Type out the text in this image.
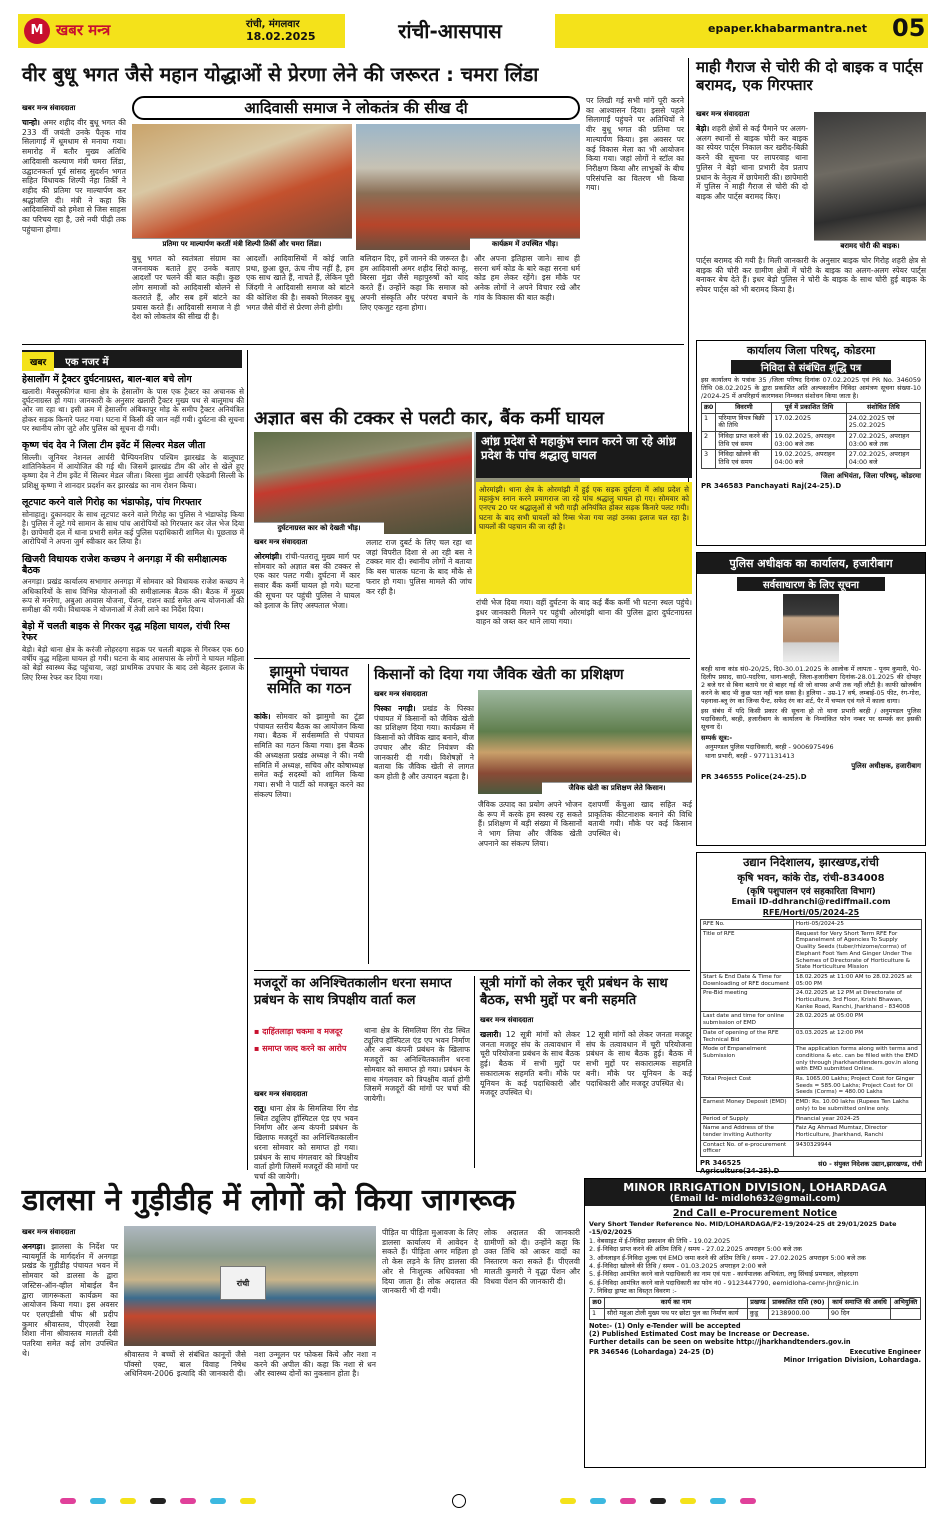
M खबर मन्त्र	रांची, मंगलवार
18.02.2025	रांची-आसपास	epaper.khabarmantra.net 05
वीर बुधू भगत जैसे महान योद्धाओं से प्रेरणा लेने की जरूरत : चमरा लिंडा
खबर मन्त्र संवाददाता
चान्हो। अमर शहीद वीर बुधू भगत की 233 वीं जयंती उनके पैतृक गांव सिलागाईं में धूमधाम से मनाया गया। समारोह में बतौर मुख्य अतिथि आदिवासी कल्याण मंत्री चमरा लिंडा, उद्घाटनकर्ता पूर्व सांसद सुदर्शन भगत सहित विधायक शिल्पी नेहा तिर्की ने शहीद की प्रतिमा पर माल्यार्पण कर श्रद्धांजलि दी। मंत्री ने कहा कि आदिवासियों को हमेशा से जिस साहस का परिचय रहा है, उसे नयी पीढ़ी तक पहुंचाना होगा।
आदिवासी समाज ने लोकतंत्र की सीख दी
प्रतिमा पर माल्यार्पण करतीं मंत्री शिल्पी तिर्की और चमरा लिंडा।	कार्यक्रम में उपस्थित भीड़।
बुधू भगत को स्वतंत्रता संग्राम का जननायक बताते हुए उनके बताए आदर्शों पर चलने की बात कही। कुछ लोग समाजों को आदिवासी बोलने से कतराते हैं, और सब हमें बांटने का प्रयास करते हैं। आदिवासी समाज ने ही देश को लोकतंत्र की सीख दी है।
आदर्शों। आदिवासियों में कोई जाति प्रथा, छुआ छूत, ऊंच नीच नहीं है, हम एक साथ खाते हैं, नाचते हैं, लेकिन पूरी जिंदगी ने आदिवासी समाज को बांटने की कोशिश की है। सबको मिलकर बुधू भगत जैसे वीरों से प्रेरणा लेनी होगी।
बलिदान दिए, हमें जानने की जरूरत है। हम आदिवासी अमर शहीद सिदो कान्हू, बिरसा मुंडा जैसे महापुरुषों को याद करते हैं। उन्होंने कहा कि समाज को अपनी संस्कृति और परंपरा बचाने के लिए एकजुट रहना होगा।
और अपना इतिहास जाने। साथ ही सरना धर्म कोड के बारे कहा सरना धर्म कोड हम लेकर रहेंगे। इस मौके पर अनेक लोगों ने अपने विचार रखे और गांव के विकास की बात कही।
पर लिखी गई सभी मांगें पूरी करने का आश्वासन दिया। इससे पहले सिलागाईं पहुंचने पर अतिथियों ने वीर बुधू भगत की प्रतिमा पर माल्यार्पण किया। इस अवसर पर कई विकास मेला का भी आयोजन किया गया। जहां लोगों ने स्टॉल का निरीक्षण किया और लाभुकों के बीच परिसंपत्ति का वितरण भी किया गया।
माही गैराज से चोरी की दो बाइक व पार्ट्स बरामद, एक गिरफ्तार
खबर मन्त्र संवाददाता
बेड़ो। शहरी क्षेत्रों से कई पैमाने पर अलग-अलग स्थानों से बाइक चोरी कर बाइक का स्पेयर पार्ट्स निकाल कर खरीद-बिक्री करने की सूचना पर लापरवाह थाना पुलिस ने बेड़ो थाना प्रभारी देव प्रताप प्रधान के नेतृत्व में छापेमारी की। छापेमारी में पुलिस ने माही गैराज से चोरी की दो बाइक और पार्ट्स बरामद किए।
बरामद चोरी की बाइक।
पार्ट्स बरामद की गयी है। मिली जानकारी के अनुसार बाइक चोर गिरोह शहरी क्षेत्र से बाइक की चोरी कर ग्रामीण क्षेत्रों में चोरी के बाइक का अलग-अलग स्पेयर पार्ट्स बनाकर बेच देते हैं। इधर बेड़ो पुलिस ने चोरी के बाइक के साथ चोरी हुई बाइक के स्पेयर पार्ट्स को भी बरामद किया है।
कार्यालय जिला परिषद्, कोडरमा
निविदा से संबंधित शुद्धि पत्र
इस कार्यालय के पत्रांक 35 /जिला परिषद दिनांक 07.02.2025 एवं PR No. 346059 तिथि 08.02.2025 के द्वारा प्रकाशित अति अल्पकालीन निविदा आमंत्रण सूचना संख्या-10 /2024-25 में अपरिहार्य कारणवश निम्नवत संशोधन किया जाता है।
क्र0	विवरणी	पूर्व में प्रकाशित तिथि	संशोधित तिथि
1	परिमाण विपत्र बिक्री की तिथि	17.02.2025	24.02.2025 एवं 25.02.2025
2	निविदा प्राप्त करने की तिथि एवं समय	19.02.2025, अपराहन 03:00 बजे तक	27.02.2025, अपराहन 03:00 बजे तक
3	निविदा खोलने की तिथि एवं समय	19.02.2025, अपराहन 04:00 बजे	27.02.2025, अपराहन 04:00 बजे
जिला अभियंता, जिला परिषद्, कोडरमा
PR 346583 Panchayati Raj(24-25).D
पुलिस अधीक्षक का कार्यालय, हजारीबाग
सर्वसाधारण के लिए सूचना
बरही थाना कांड सं0-20/25, दि0-30.01.2025 के आलोक में लापता - पूनम कुमारी, पे0-दिलीप प्रसाद, सा0-पदरिया, थाना-बरही, जिला-हजारीबाग दिनांक-28.01.2025 की दोपहर 2 बजे घर से बिना बताये घर से बाहर गई थी जो वापस अभी तक नहीं लौटी है। काफी खोजबीन करने के बाद भी कुछ पता नहीं चल सका है। हुलिया - उम्र-17 वर्ष, लम्बाई-05 फीट, रंग-गोरा, पहनावा-ब्लू रंग का जिन्स पैन्ट, सफेद रंग का शर्ट, पैर में चप्पल एवं गले में काला धागा।
इस संबंध में यदि किसी प्रकार की सूचना हो तो थाना प्रभारी बरही / अनुमण्डल पुलिस पदाधिकारी, बरही, हजारीबाग के कार्यालय के निम्नांकित फोन नम्बर पर सम्पर्क कर इसकी सूचना दें।
सम्पर्क सूत्र:-
अनुमण्डल पुलिस पदाधिकारी, बरही - 9006975496
थाना प्रभारी, बरही - 9771131413
पुलिस अधीक्षक, हजारीबाग
PR 346555 Police(24-25).D
खबर एक नजर में
हेसालोंग में ट्रैक्टर दुर्घटनाग्रस्त, बाल-बाल बचे लोग
खलारी। मैक्लुस्कीगंज थाना क्षेत्र के हेसालोंग के पास एक ट्रैक्टर का अचानक से दुर्घटनाग्रस्त हो गया। जानकारी के अनुसार खलारी ट्रैक्टर मुख्य पथ से बालूमाथ की ओर जा रहा था। इसी क्रम में हेसालोंग अंबिकापुर मोड़ के समीप ट्रैक्टर अनियंत्रित होकर सड़क किनारे पलट गया। घटना में किसी की जान नहीं गयी। दुर्घटना की सूचना पर स्थानीय लोग जुटे और पुलिस को सूचना दी गयी।
कृष्ण चंद देव ने जिला टीम इवेंट में सिल्वर मेडल जीता
सिल्ली। जूनियर नेशनल आर्चरी चैम्पियनशिप पश्चिम झारखंड के बालूघाट शांतिनिकेतन में आयोजित की गई थी। जिसमें झारखंड टीम की ओर से खेले हुए कृष्णा देव ने टीम इवेंट में सिल्वर मेडल जीता। बिरसा मुंडा आर्चरी एकेडमी सिल्ली के प्रशिक्षु कृष्णा ने शानदार प्रदर्शन कर झारखंड का नाम रोशन किया।
लूटपाट करने वाले गिरोह का भंडाफोड़, पांच गिरफ्तार
सोनाहातु। दुकानदार के साथ लूटपाट करने वाले गिरोह का पुलिस ने भंडाफोड़ किया है। पुलिस ने लूटे गये सामान के साथ पांच आरोपियों को गिरफ्तार कर जेल भेज दिया है। छापेमारी दल में थाना प्रभारी समेत कई पुलिस पदाधिकारी शामिल थे। पूछताछ में आरोपियों ने अपना जुर्म स्वीकार कर लिया है।
खिजरी विधायक राजेश कच्छप ने अनगड़ा में की समीक्षात्मक बैठक
अनगड़ा। प्रखंड कार्यालय सभागार अनगड़ा में सोमवार को विधायक राजेश कच्छप ने अधिकारियों के साथ विभिन्न योजनाओं की समीक्षात्मक बैठक की। बैठक में मुख्य रूप से मनरेगा, अबुआ आवास योजना, पेंशन, राशन कार्ड समेत अन्य योजनाओं की समीक्षा की गयी। विधायक ने योजनाओं में तेजी लाने का निर्देश दिया।
बेड़ो में चलती बाइक से गिरकर वृद्ध महिला घायल, रांची रिम्स रेफर
बेड़ो। बेड़ो थाना क्षेत्र के करंजी लोहरदगा सड़क पर चलती बाइक से गिरकर एक 60 वर्षीय वृद्ध महिला घायल हो गयी। घटना के बाद आसपास के लोगों ने घायल महिला को बेड़ो स्वास्थ्य केंद्र पहुंचाया, जहां प्राथमिक उपचार के बाद उसे बेहतर इलाज के लिए रिम्स रेफर कर दिया गया।
अज्ञात बस की टक्कर से पलटी कार, बैंक कर्मी घायल
दुर्घटनाग्रस्त कार को देखती भीड़।
आंध्र प्रदेश से महाकुंभ स्नान करने जा रहे आंध्र प्रदेश के पांच श्रद्धालु घायल
ओरमांझी। थाना क्षेत्र के ओरमांझी में हुई एक सड़क दुर्घटना में आंध्र प्रदेश से महाकुंभ स्नान करने प्रयागराज जा रहे पांच श्रद्धालु घायल हो गए। सोमवार को एनएच 20 पर श्रद्धालुओं से भरी गाड़ी अनियंत्रित होकर सड़क किनारे पलट गयी। घटना के बाद सभी घायलों को रिम्स भेजा गया जहां उनका इलाज चल रहा है। घायलों की पहचान की जा रही है।
खबर मन्त्र संवाददाता
ओरमांझी। रांची-पतरातू मुख्य मार्ग पर सोमवार को अज्ञात बस की टक्कर से एक कार पलट गयी। दुर्घटना में कार सवार बैंक कर्मी घायल हो गये। घटना की सूचना पर पहुंची पुलिस ने घायल को इलाज के लिए अस्पताल भेजा।
ललाट राज दुबर्ट के लिए चल रहा था जहां विपरीत दिशा से आ रही बस ने टक्कर मार दी। स्थानीय लोगों ने बताया कि बस चालक घटना के बाद मौके से फरार हो गया। पुलिस मामले की जांच कर रही है।
रांची भेज दिया गया। वहीं दुर्घटना के बाद कई बैंक कर्मी भी घटना स्थल पहुंचे। इधर जानकारी मिलने पर पहुंची ओरमांझी थाना की पुलिस द्वारा दुर्घटनाग्रस्त वाहन को जब्त कर थाने लाया गया।
झामुमो पंचायत समिति का गठन
कांके। सोमवार को झामुमो का टूंडा पंचायत स्तरीय बैठक का आयोजन किया गया। बैठक में सर्वसम्मति से पंचायत समिति का गठन किया गया। इस बैठक की अध्यक्षता प्रखंड अध्यक्ष ने की। नयी समिति में अध्यक्ष, सचिव और कोषाध्यक्ष समेत कई सदस्यों को शामिल किया गया। सभी ने पार्टी को मजबूत करने का संकल्प लिया।
किसानों को दिया गया जैविक खेती का प्रशिक्षण
खबर मन्त्र संवाददाता
पिस्का नगड़ी। प्रखंड के पिस्का पंचायत में किसानों को जैविक खेती का प्रशिक्षण दिया गया। कार्यक्रम में किसानों को जैविक खाद बनाने, बीज उपचार और कीट नियंत्रण की जानकारी दी गयी। विशेषज्ञों ने बताया कि जैविक खेती से लागत कम होती है और उत्पादन बढ़ता है।
जैविक खेती का प्रशिक्षण लेते किसान।
जैविक उत्पाद का प्रयोग अपने भोजन के रूप में करके हम स्वस्थ रह सकते हैं। प्रशिक्षण में बड़ी संख्या में किसानों ने भाग लिया और जैविक खेती अपनाने का संकल्प लिया।
दशपर्णी केंचुआ खाद सहित कई प्राकृतिक कीटनाशक बनाने की विधि बतायी गयी। मौके पर कई किसान उपस्थित थे।
मजदूरों का अनिश्चितकालीन धरना समाप्त प्रबंधन के साथ त्रिपक्षीय वार्ता कल
▪ दाहिंतलाड़ा चकमा व मजदूर
▪ समाप्त जल्द करने का आरोप
खबर मन्त्र संवाददाता
रातू। थाना क्षेत्र के सिमलिया रिंग रोड स्थित ट्यूलिप हॉस्पिटल एंड एप भवन निर्माण और अन्य कंपनी प्रबंधन के खिलाफ मजदूरों का अनिश्चितकालीन धरना सोमवार को समाप्त हो गया। प्रबंधन के साथ मंगलवार को त्रिपक्षीय वार्ता होगी जिसमें मजदूरों की मांगों पर चर्चा की जायेगी।
थाना क्षेत्र के सिमलिया रिंग रोड स्थित ट्यूलिप हॉस्पिटल एंड एप भवन निर्माण और अन्य कंपनी प्रबंधन के खिलाफ मजदूरों का अनिश्चितकालीन धरना सोमवार को समाप्त हो गया। प्रबंधन के साथ मंगलवार को त्रिपक्षीय वार्ता होगी जिसमें मजदूरों की मांगों पर चर्चा की जायेगी।
सूत्री मांगों को लेकर चूरी प्रबंधन के साथ बैठक, सभी मुद्दों पर बनी सहमति
खबर मन्त्र संवाददाता
खलारी। 12 सूत्री मांगों को लेकर जनता मजदूर संघ के तत्वावधान में चूरी परियोजना प्रबंधन के साथ बैठक हुई। बैठक में सभी मुद्दों पर सकारात्मक सहमति बनी। मौके पर यूनियन के कई पदाधिकारी और मजदूर उपस्थित थे।
12 सूत्री मांगों को लेकर जनता मजदूर संघ के तत्वावधान में चूरी परियोजना प्रबंधन के साथ बैठक हुई। बैठक में सभी मुद्दों पर सकारात्मक सहमति बनी। मौके पर यूनियन के कई पदाधिकारी और मजदूर उपस्थित थे।
उद्यान निदेशालय, झारखण्ड,रांची
कृषि भवन, कांके रोड, रांची-834008
(कृषि पशुपालन एवं सहकारिता विभाग)
Email ID-ddhranchi@rediffmail.com
RFE/Horti/05/2024-25
RFE No.	Horti-05/2024-25
Title of RFE	Request for Very Short Term RFE For Empanelment of Agencies To Supply Quality Seeds (tuber/rhizome/corms) of Elephant Foot Yam And Ginger Under The Schemes of Directorate of Horticulture & State Horticulture Mission
Start & End Date & Time for Downloading of RFE document	18.02.2025 at 11:00 AM to 28.02.2025 at 05:00 PM
Pre-Bid meeting	24.02.2025 at 12 PM at Directorate of Horticulture, 3rd Floor, Krishi Bhawan, Kanke Road, Ranchi, Jharkhand - 834008
Last date and time for online submission of EMD	28.02.2025 at 05:00 PM
Date of opening of the RFE Technical Bid	03.03.2025 at 12:00 PM
Mode of Empanelment Submission	The application forms along with terms and conditions & etc. can be filled with the EMD only through jharkhandtenders.gov.in along with EMD submitted Online.
Total Project Cost	Rs. 1065.00 Lakhs; Project Cost for Ginger Seeds = 585.00 Lakhs; Project Cost for Ol Seeds (Corms) = 480.00 Lakhs
Earnest Money Deposit (EMD)	EMD: Rs. 10.00 lakhs (Rupees Ten Lakhs only) to be submitted online only.
Period of Supply	Financial year 2024-25
Name and Address of the tender inviting Authority	Faiz Ag Ahmad Mumtaz, Director Horticulture, Jharkhand, Ranchi
Contact No. of e-procurement officer	9430329944
PR 346525 Agriculture(24-25).D
सं0 - संयुक्त निदेशक उद्यान,झारखण्ड, रांची
डालसा ने गुड़ीडीह में लोगों को किया जागरूक
रांची
खबर मन्त्र संवाददाता
अनगड़ा। झालसा के निर्देश पर न्यायमूर्ति के मार्गदर्शन में अनगड़ा प्रखंड के गुड़ीडीह पंचायत भवन में सोमवार को डालसा के द्वारा जस्टिस-ऑन-व्हील मोबाईल वैन द्वारा जागरूकता कार्यक्रम का आयोजन किया गया। इस अवसर पर एलएडीसी चीफ श्री प्रदीप कुमार श्रीवास्तव, पीएलवी रेखा शिशा नीना श्रीवास्तव मालती देवी पतरिया समेत कई लोग उपस्थित थे।	श्रीवास्तव ने बच्चों से संबंधित कानूनों जैसे पॉक्सो एक्ट, बाल विवाह निषेध अधिनियम-2006 इत्यादि की जानकारी दी। नशा उन्मूलन पर फोकस किये और नशा न करने की अपील की। कहा कि नशा से धन और स्वास्थ्य दोनों का नुकसान होता है।
पीड़ित या पीड़िता मुआवजा के लिए डालसा कार्यालय में आवेदन दे सकते हैं। पीड़िता अगर महिला हो तो केस लड़ने के लिए डालसा की ओर से निःशुल्क अधिवक्ता भी दिया जाता है। लोक अदालत की जानकारी भी दी गयी।
लोक अदालत की जानकारी ग्रामीणों को दी। उन्होंने कहा कि उक्त तिथि को आकर वादों का निस्तारण करा सकते हैं। पीएलवी मालती कुमारी ने वृद्धा पेंशन और विधवा पेंशन की जानकारी दी।
MINOR IRRIGATION DIVISION, LOHARDAGA
(Email Id- midloh632@gmail.com)
2nd Call e-Procurement Notice
Very Short Tender Reference No. MID/LOHARDAGA/F2-19/2024-25 dt 29/01/2025 Date -15/02/2025
1. वेबसाइट में ई-निविदा प्रकाशन की तिथि - 19.02.2025
2. ई-निविदा प्राप्त करने की अंतिम तिथि / समय - 27.02.2025 अपराहन 5:00 बजे तक
3. ऑनलाइन ई-निविदा शुल्क एवं EMD जमा करने की अंतिम तिथि / समय - 27.02.2025 अपराहन 5:00 बजे तक
4. ई-निविदा खोलने की तिथि / समय - 01.03.2025 अपराहन 2:00 बजे
5. ई-निविदा आमंत्रित करने वाले पदाधिकारी का नाम एवं पता - कार्यपालक अभियंता, लघु सिंचाई प्रमण्डल, लोहरदगा
6. ई-निविदा आमंत्रित करने वाले पदाधिकारी का फोन नं0 - 9123447790, eemidloha-cemr-jhr@nic.in
7. निविदा ड्राफ्ट का विस्तृत विवरण :-
क्र0	कार्य का नाम	प्रखण्ड	प्राक्कलित राशि (रु0)	कार्य समाप्ति की अवधि	अभियुक्ति
1	सौरो महुआ टोली मुख्य पथ पर छोटा पुल का निर्माण कार्य	कुडू	2138900.00	90 दिन	
Note:- (1) Only e-Tender will be accepted
(2) Published Estimated Cost may be Increase or Decrease.
Further details can be seen on website http://jharkhandtenders.gov.in
PR 346546 (Lohardaga) 24-25 (D)	Executive Engineer
Minor Irrigation Division, Lohardaga.
